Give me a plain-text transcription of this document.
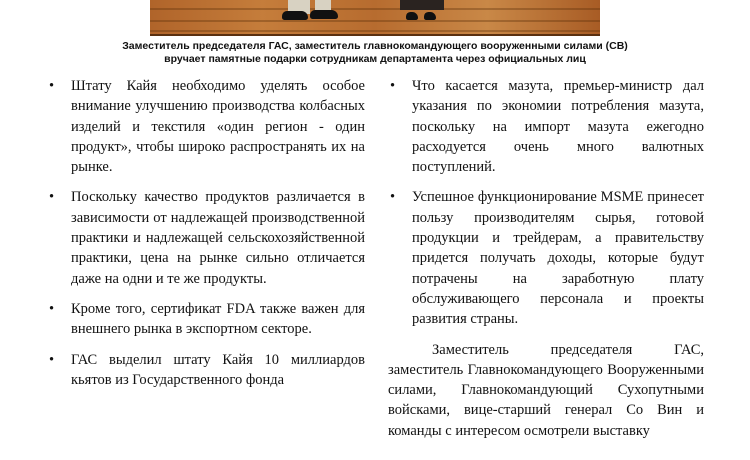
Заместитель председателя ГАС, заместитель главнокомандующего вооруженными силами (СВ)
вручает памятные подарки сотрудникам департамента через официальных лиц
•	Штату Кайя необходимо уделять особое внимание улучшению производства колбасных изделий и текстиля «один регион - один продукт», чтобы широко распространять их на рынке.
•	Поскольку качество продуктов различается в зависимости от надлежащей производственной практики и надлежащей сельскохозяйственной практики, цена на рынке сильно отличается даже на одни и те же продукты.
•	Кроме того, сертификат FDA также важен для внешнего рынка в экспортном секторе.
•	ГАС выделил штату Кайя 10 миллиардов кьятов из Государственного фонда
•	Что касается мазута, премьер-министр дал указания по экономии потребления мазута, поскольку на импорт мазута ежегодно расходуется очень много валютных поступлений.
•	Успешное функционирование MSME принесет пользу производителям сырья, готовой продукции и трейдерам, а правительству придется получать доходы, которые будут потрачены на заработную плату обслуживающего персонала и проекты развития страны.

Заместитель председателя ГАС, заместитель Главнокомандующего Вооруженными силами, Главнокомандующий Сухопутными войсками, вице-старший генерал Со Вин и команды с интересом осмотрели выставку
